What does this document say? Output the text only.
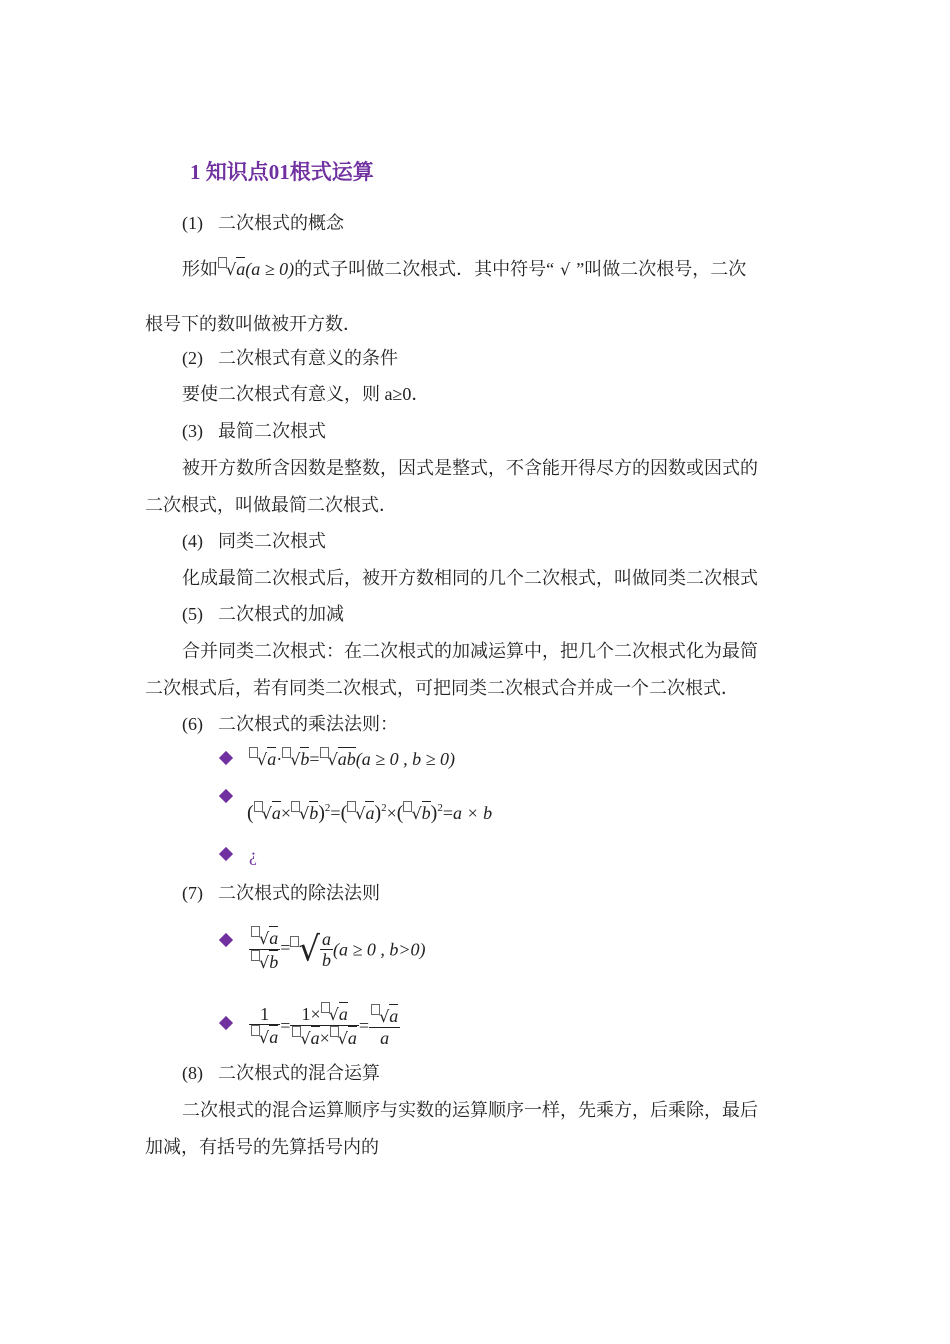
1 知识点01根式运算
(1) 二次根式的概念
形如 √a(a ≥ 0)的式子叫做二次根式．其中符号“ √ ”叫做二次根号，二次
根号下的数叫做被开方数．
(2) 二次根式有意义的条件
要使二次根式有意义，则 a≥0．
(3) 最简二次根式
被开方数所含因数是整数，因式是整式，不含能开得尽方的因数或因式的
二次根式，叫做最简二次根式．
(4) 同类二次根式
化成最简二次根式后，被开方数相同的几个二次根式，叫做同类二次根式
(5) 二次根式的加减
合并同类二次根式：在二次根式的加减运算中，把几个二次根式化为最简
二次根式后，若有同类二次根式，可把同类二次根式合并成一个二次根式．
(6) 二次根式的乘法法则：
√a· √b= √ab(a ≥ 0 , b ≥ 0)
( √a× √b)$^2$=( √a)$^2$×( √b)$^2$=a × b
¿
(7) 二次根式的除法法则
$\frac{√a}{√b}$ = √ $\frac{a}{b} (a \ge 0$ , b>0)
$\frac{1}{√a} = \frac{1\times √a}{√a\times √a} = \frac{√a}{a}$
(8) 二次根式的混合运算
二次根式的混合运算顺序与实数的运算顺序一样，先乘方，后乘除，最后
加减，有括号的先算括号内的
